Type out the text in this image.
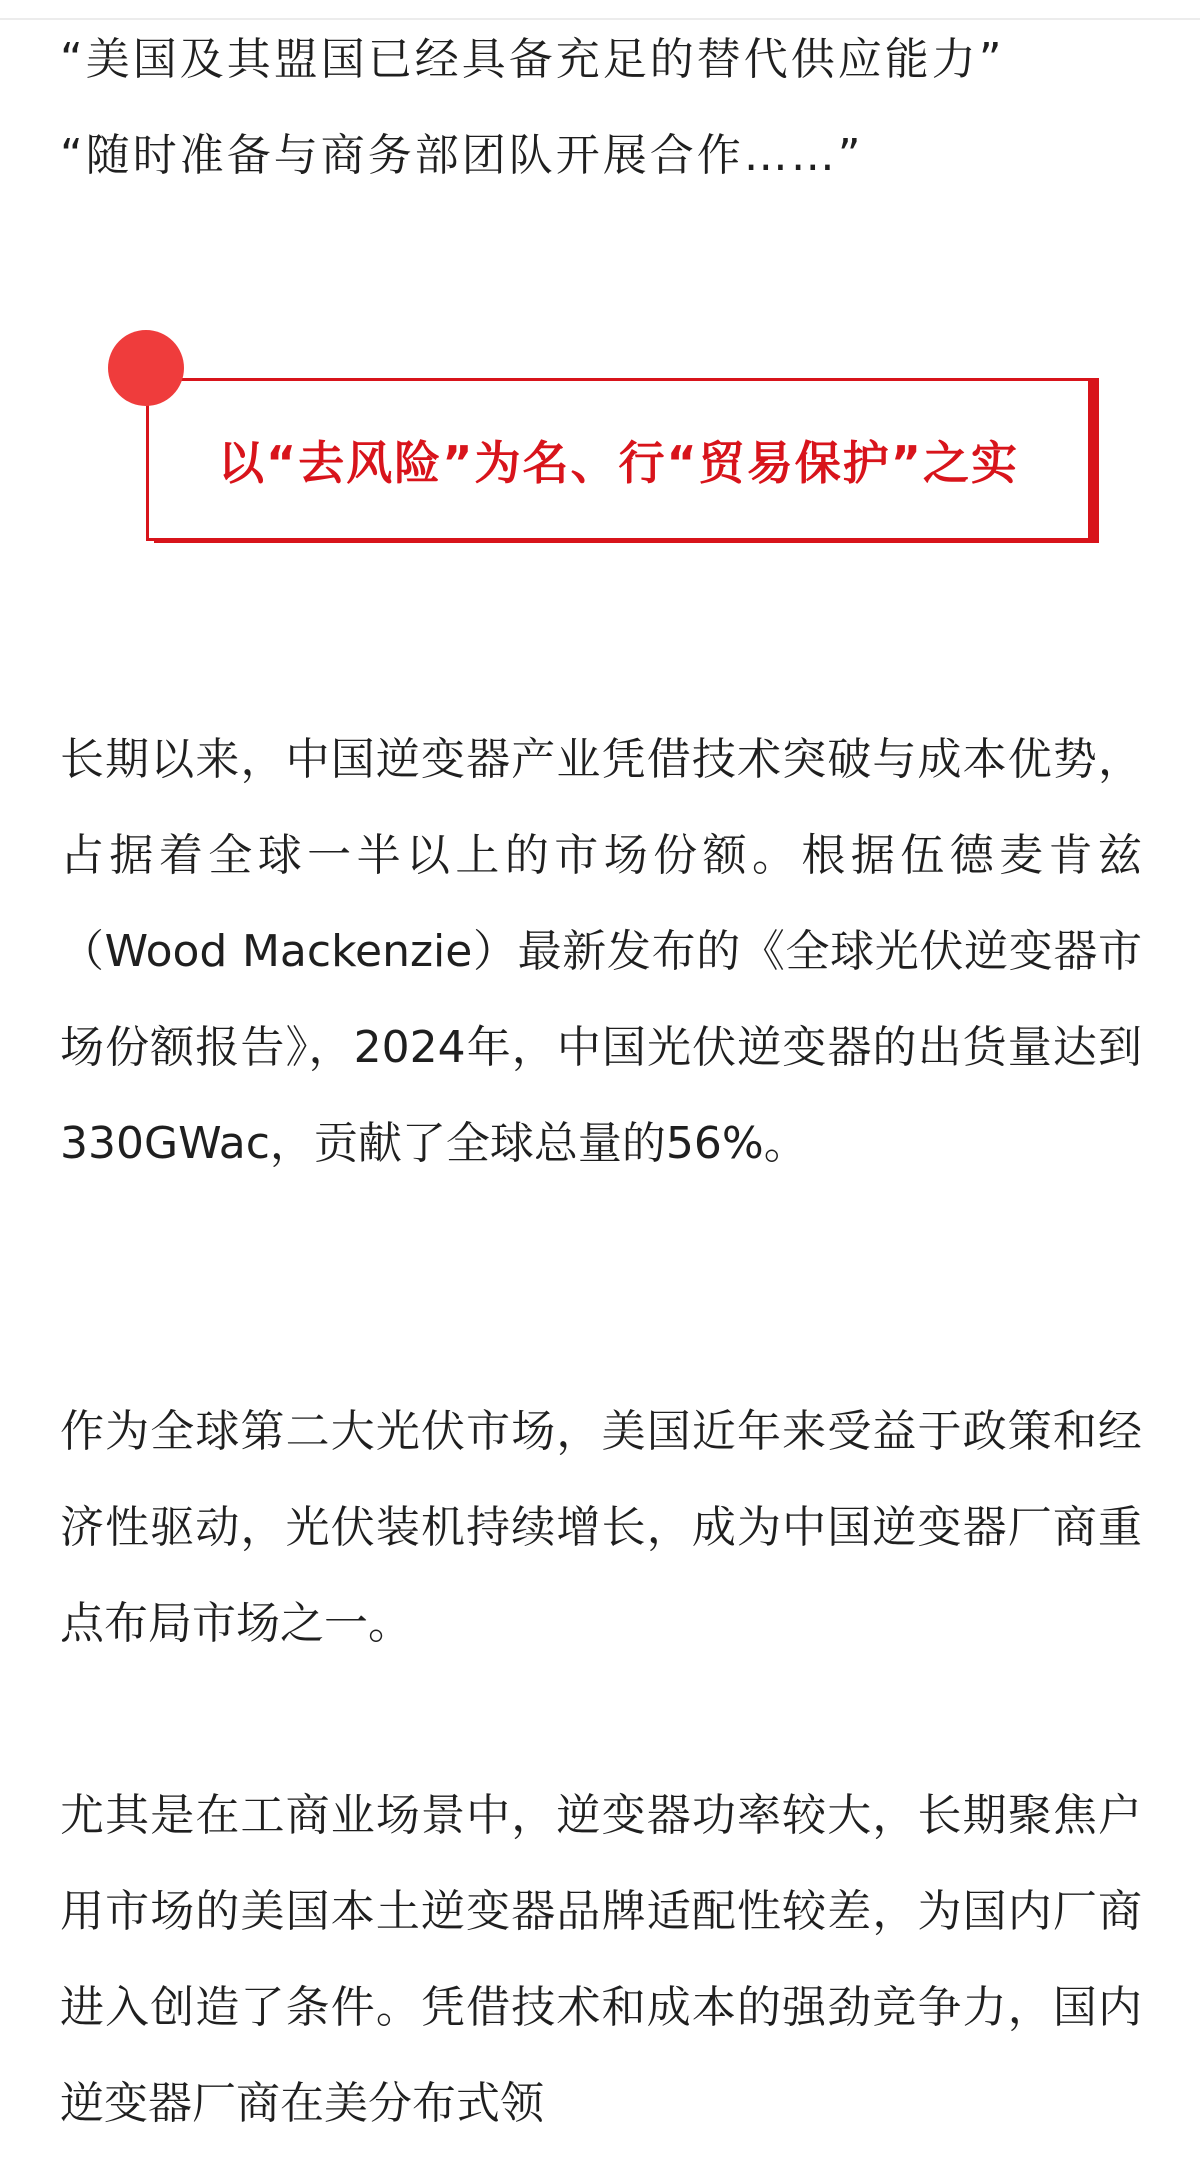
“美国及其盟国已经具备充足的替代供应能力”
“随时准备与商务部团队开展合作……”
以“去风险”为名、行“贸易保护”之实

长期以来，中国逆变器产业凭借技术突破与成本优势，占据着全球一半以上的市场份额。根据伍德麦肯兹（Wood Mackenzie）最新发布的《全球光伏逆变器市场份额报告》，2024年，中国光伏逆变器的出货量达到330GWac，贡献了全球总量的56%。

作为全球第二大光伏市场，美国近年来受益于政策和经济性驱动，光伏装机持续增长，成为中国逆变器厂商重点布局市场之一。

尤其是在工商业场景中，逆变器功率较大，长期聚焦户用市场的美国本土逆变器品牌适配性较差，为国内厂商进入创造了条件。凭借技术和成本的强劲竞争力，国内逆变器厂商在美分布式领
